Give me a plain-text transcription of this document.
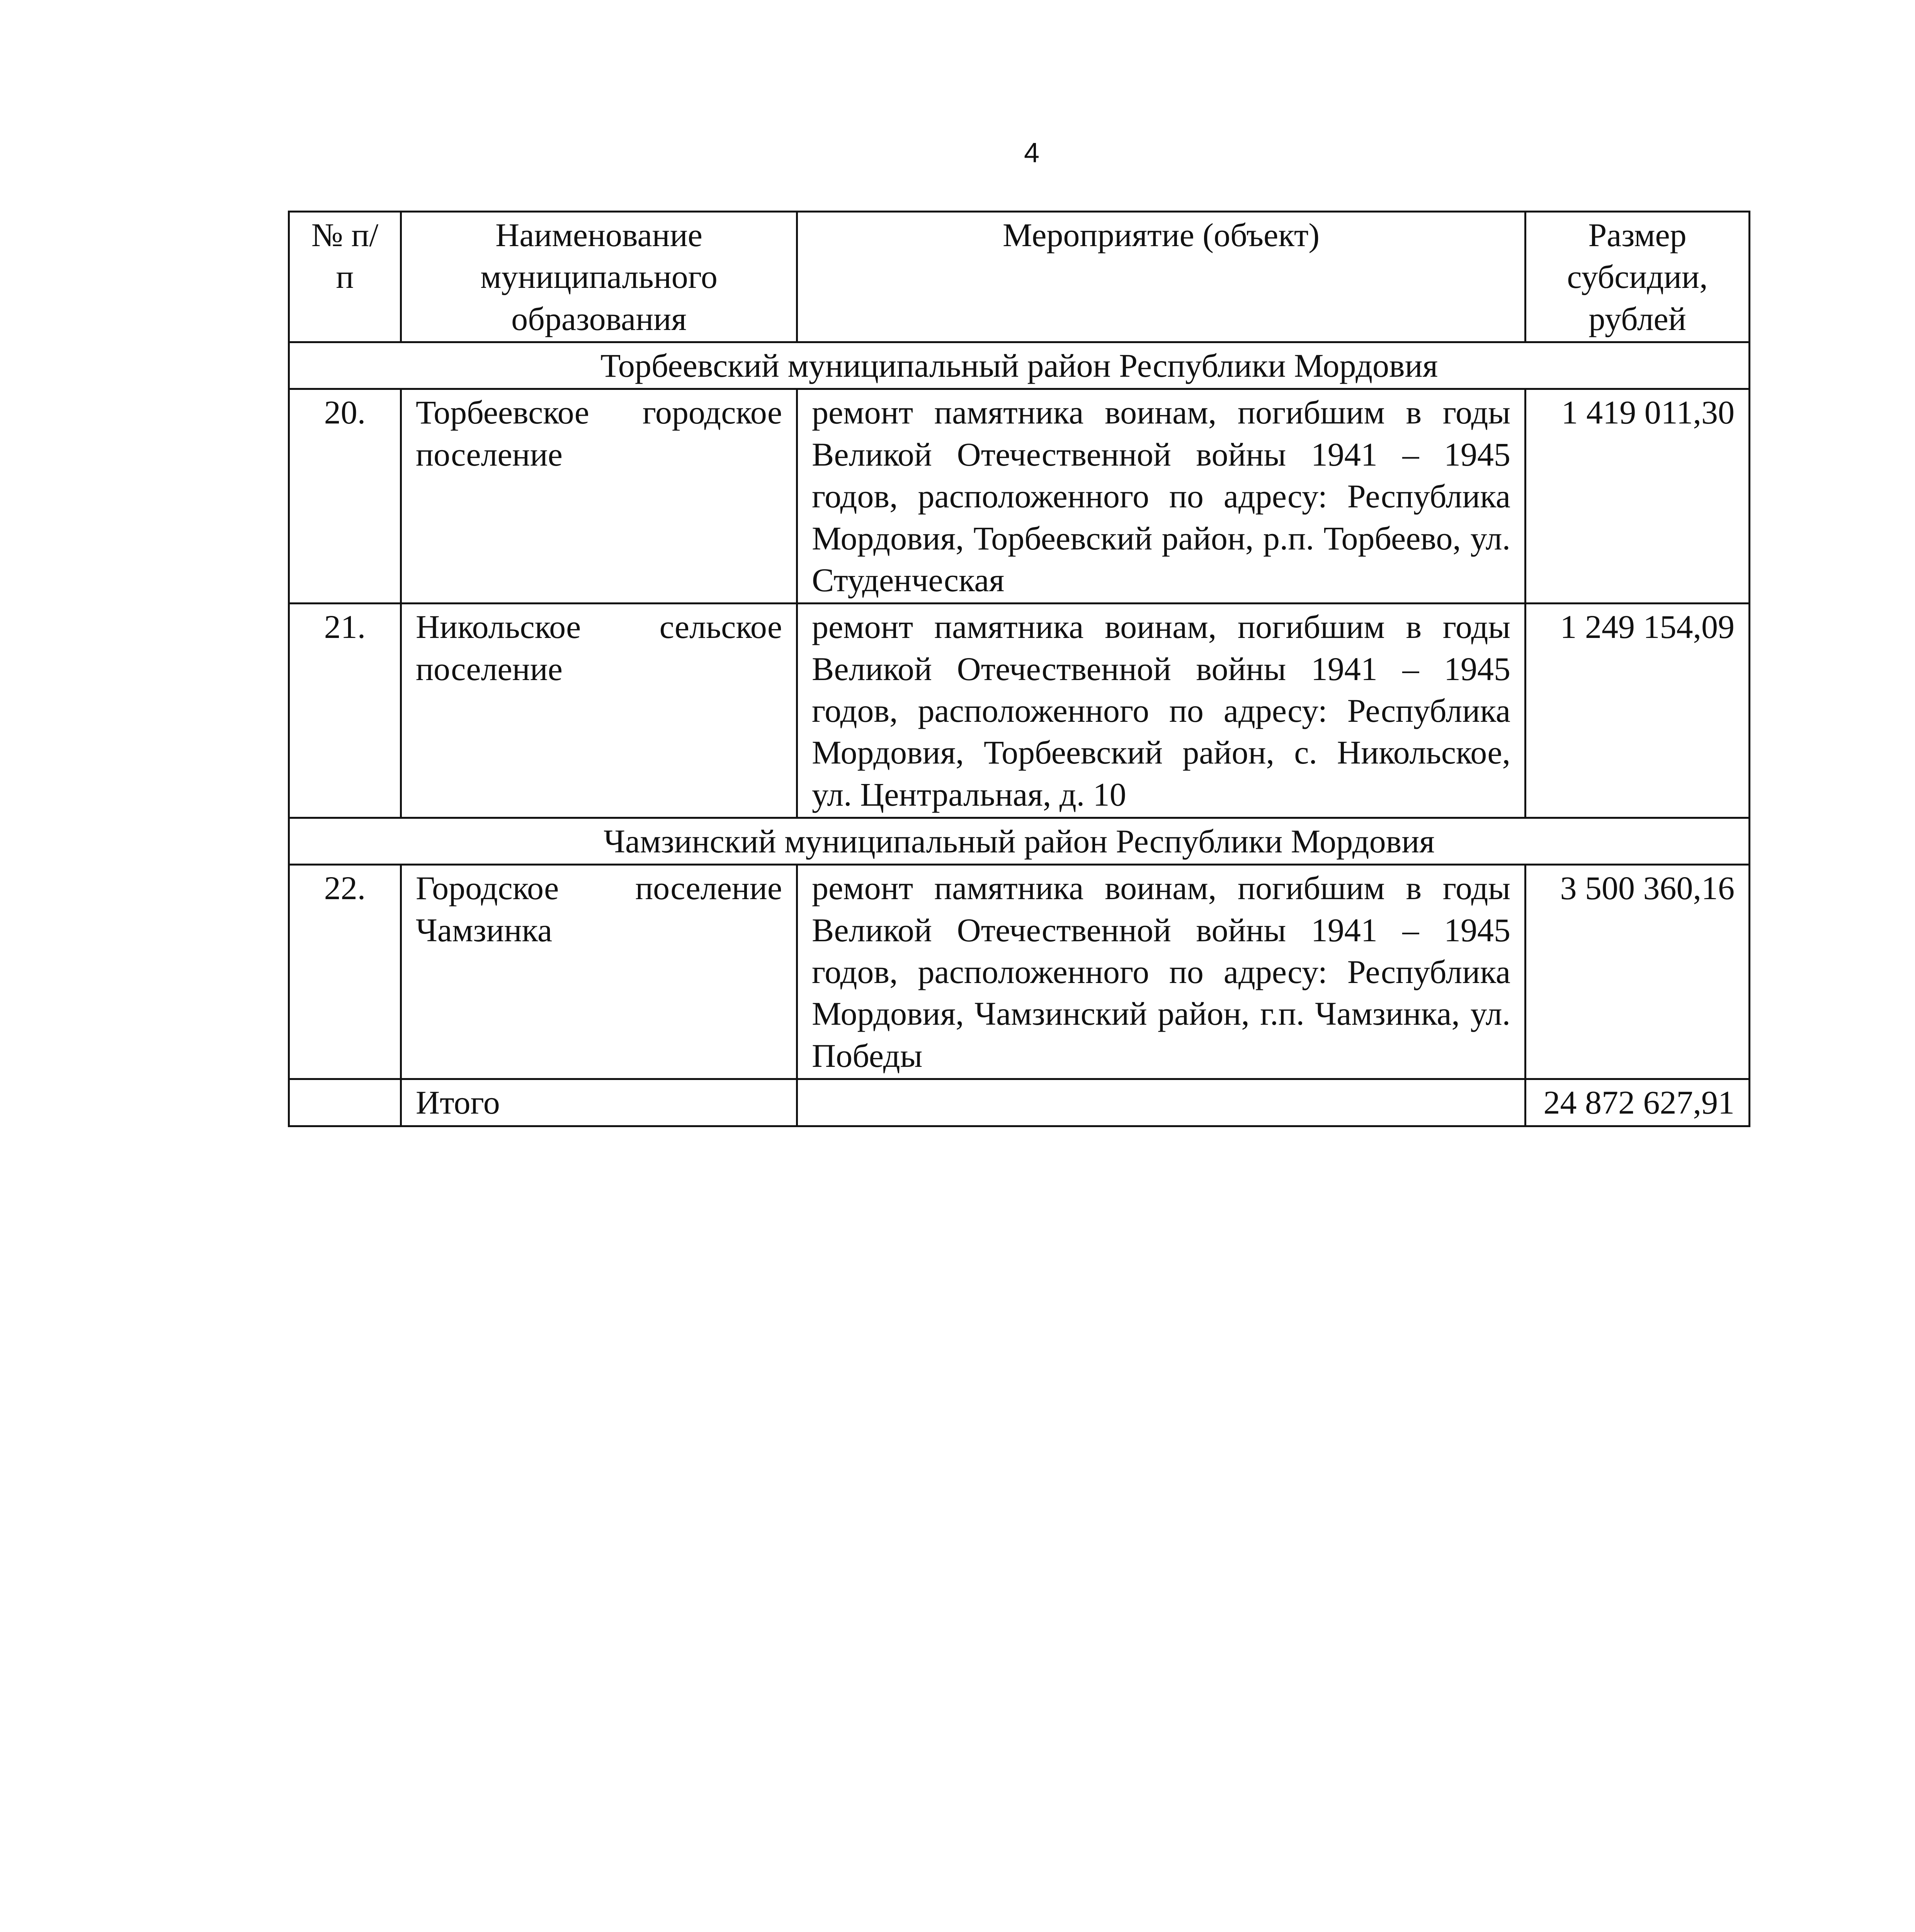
4
№ п/п	Наименование муниципального образования	Мероприятие (объект)	Размер субсидии, рублей
Торбеевский муниципальный район Республики Мордовия			
20.	Торбеевское городское поселение	ремонт памятника воинам, погибшим в годы Великой Отечественной войны 1941 – 1945 годов, расположенного по адресу: Республика Мордовия, Торбеевский район, р.п. Торбеево, ул. Студенческая	1 419 011,30
21.	Никольское сельское поселение	ремонт памятника воинам, погибшим в годы Великой Отечественной войны 1941 – 1945 годов, расположенного по адресу: Республика Мордовия, Торбеевский район, с. Никольское, ул. Центральная, д. 10	1 249 154,09
Чамзинский муниципальный район Республики Мордовия			
22.	Городское поселение Чамзинка	ремонт памятника воинам, погибшим в годы Великой Отечественной войны 1941 – 1945 годов, расположенного по адресу: Республика Мордовия, Чамзинский район, г.п. Чамзинка, ул. Победы	3 500 360,16
	Итого		24 872 627,91
